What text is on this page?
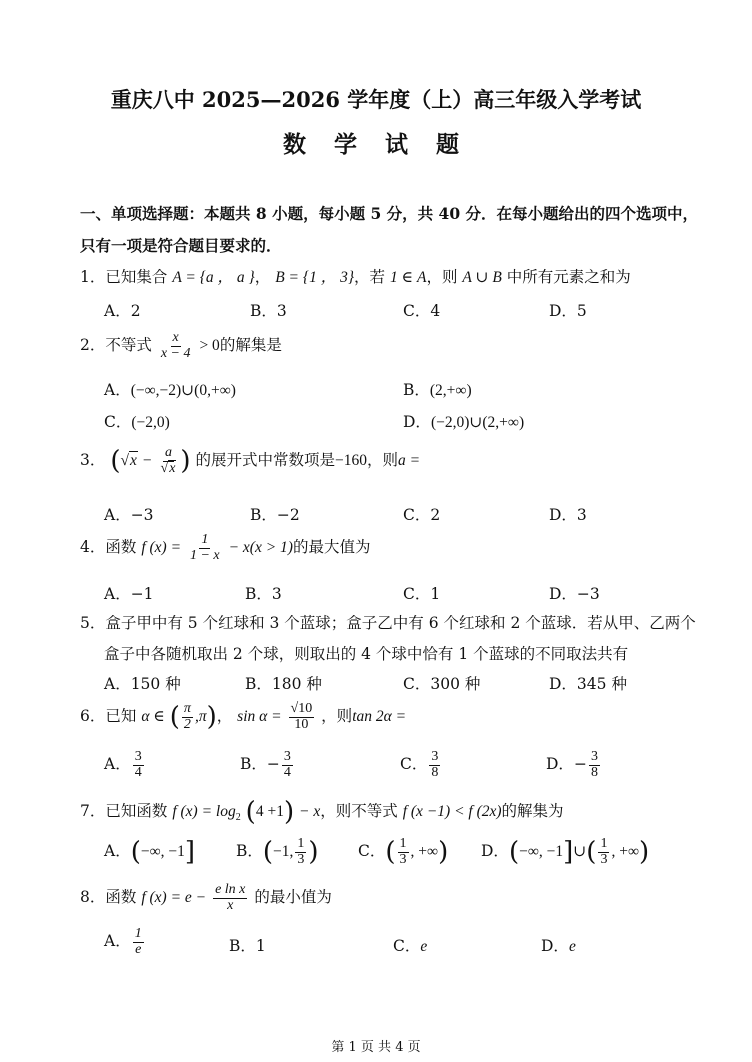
重庆八中 2025—2026 学年度（上）高三年级入学考试
数 学 试 题
一、单项选择题：本题共 8 小题，每小题 5 分，共 40 分．在每小题给出的四个选项中，
只有一项是符合题目要求的．
1．已知集合 A = {a ， a }， B = {1 ， 3}，若 1 ∈ A，则 A ∪ B 中所有元素之和为
A．2	B．3	C．4	D．5
2．不等式 $\frac{x}{x - 4} > 0$的解集是
A．(−∞,−2)∪(0,+∞)	B．(2,+∞)
C．(−2,0)	D．(−2,0)∪(2,+∞)
3． ($√x - \frac{a}{√x}$ ) 的展开式中常数项是−160，则a =
A．−3	B．−2	C．2	D．3
4．函数 f $(x) = \frac{1}{1 - x} - x(x > 1)$的最大值为
A．−1	B．3	C．1	D．−3
5．盒子甲中有 5 个红球和 3 个蓝球；盒子乙中有 6 个红球和 2 个蓝球．若从甲、乙两个
盒子中各随机取出 2 个球，则取出的 4 个球中恰有 1 个蓝球的不同取法共有
A．150 种	B．180 种	C．300 种	D．345 种
6．已知 α ∈ ( $\frac{\pi}{2} ,\pi$)， $\sin \alpha = \frac{√10}{10}$ ，则tan 2α =
A． $\frac{3}{4}$	B．− $\frac{3}{4}$	C． $\frac{3}{8}$	D．− $\frac{3}{8}$
7．已知函数 f $(x) = \log_2 (4 +1) - x$，则不等式 f (x −1) < f (2x)的解集为
A．(−∞, −1]	B．(−1, $\frac{1}{3}$ )	C．( $\frac{1}{3}$ , +∞) D．(−∞, −1]∪( $\frac{1}{3}$ , +∞)
8．函数 f $(x) = e - \frac{\text{e ln x}}{x}$ 的最小值为
A． $\frac{1}{e}$	B．1	C．e	D．e
第 1 页 共 4 页
